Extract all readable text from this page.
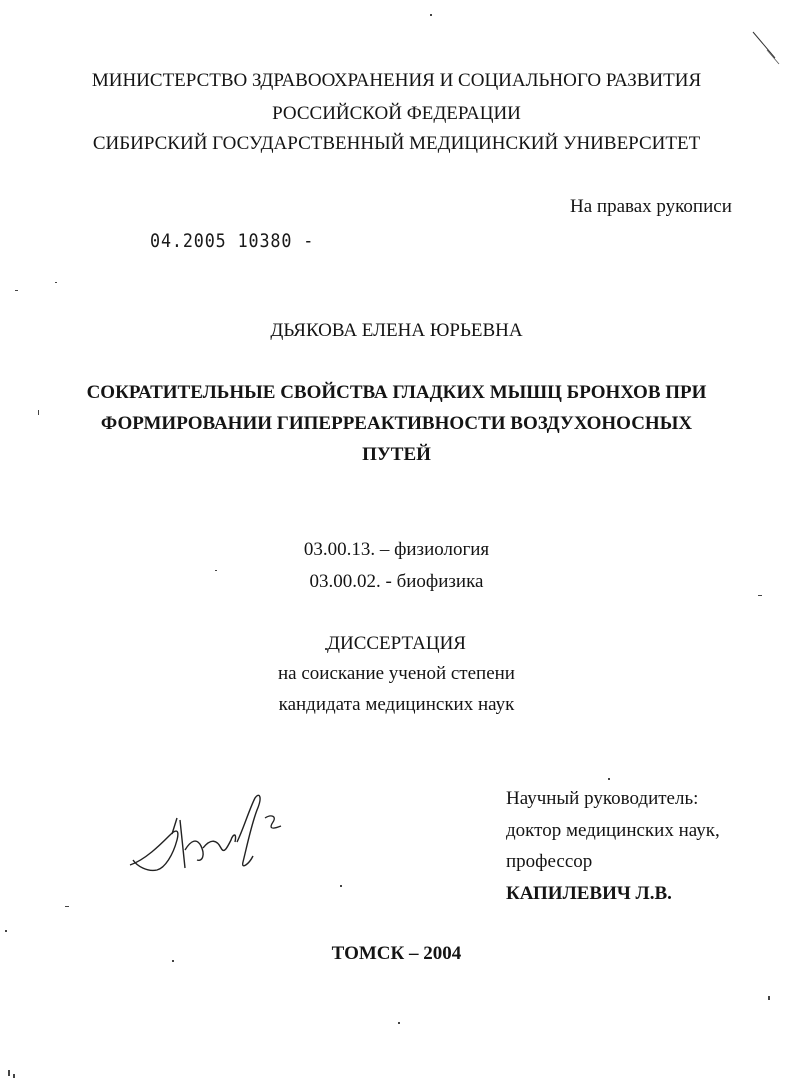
МИНИСТЕРСТВО ЗДРАВООХРАНЕНИЯ И СОЦИАЛЬНОГО РАЗВИТИЯ
РОССИЙСКОЙ ФЕДЕРАЦИИ
СИБИРСКИЙ ГОСУДАРСТВЕННЫЙ МЕДИЦИНСКИЙ УНИВЕРСИТЕТ
На правах рукописи
04.2005 10380 -
ДЬЯКОВА ЕЛЕНА ЮРЬЕВНА
СОКРАТИТЕЛЬНЫЕ СВОЙСТВА ГЛАДКИХ МЫШЦ БРОНХОВ ПРИ
ФОРМИРОВАНИИ ГИПЕРРЕАКТИВНОСТИ ВОЗДУХОНОСНЫХ
ПУТЕЙ
03.00.13. – физиология
03.00.02. - биофизика
ДИССЕРТАЦИЯ
на соискание ученой степени
кандидата медицинских наук
Научный руководитель:
доктор медицинских наук,
профессор
КАПИЛЕВИЧ Л.В.
ТОМСК – 2004
